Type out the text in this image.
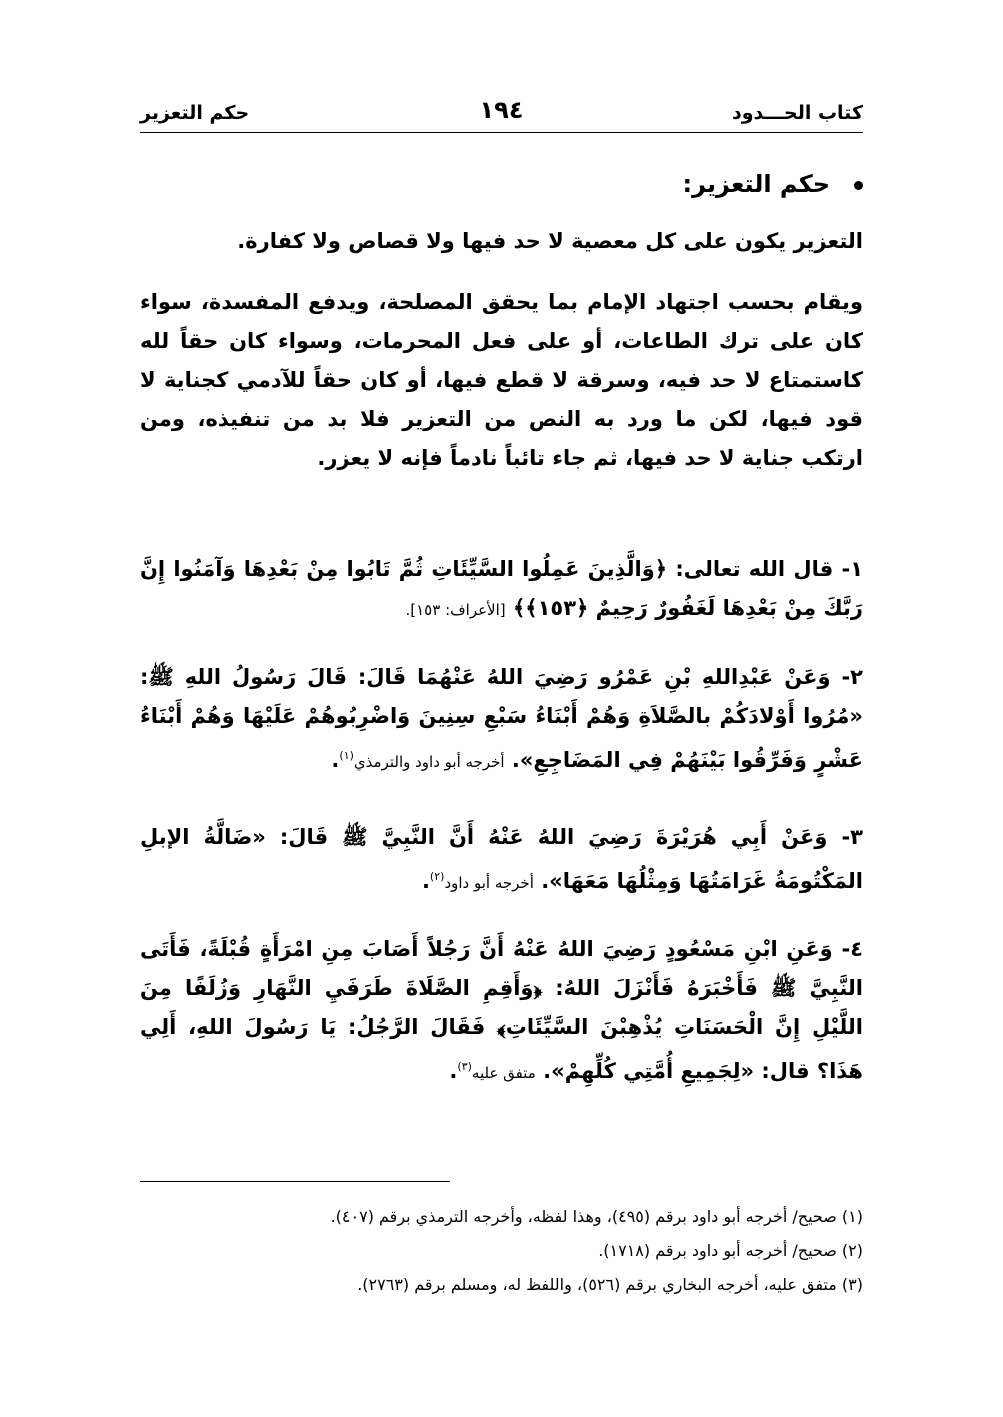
كتاب الحـــدود
١٩٤
حكم التعزير
حكم التعزير:

التعزير يكون على كل معصية لا حد فيها ولا قصاص ولا كفارة.

ويقام بحسب اجتهاد الإمام بما يحقق المصلحة، ويدفع المفسدة، سواء كان على ترك الطاعات، أو على فعل المحرمات، وسواء كان حقاً لله كاستمتاع لا حد فيه، وسرقة لا قطع فيها، أو كان حقاً للآدمي كجناية لا قود فيها، لكن ما ورد به النص من التعزير فلا بد من تنفيذه، ومن ارتكب جناية لا حد فيها، ثم جاء تائباً نادماً فإنه لا يعزر.

١- قال الله تعالى: ﴿وَالَّذِينَ عَمِلُوا السَّيِّئَاتِ ثُمَّ تَابُوا مِنْ بَعْدِهَا وَآمَنُوا إِنَّ رَبَّكَ مِنْ بَعْدِهَا لَغَفُورٌ رَحِيمٌ ﴿١٥٣﴾﴾ [الأعراف: ١٥٣].

٢- وَعَنْ عَبْدِاللهِ بْنِ عَمْرُو رَضِيَ اللهُ عَنْهُمَا قَالَ: قَالَ رَسُولُ اللهِ ﷺ: «مُرُوا أَوْلادَكُمْ بالصَّلاَةِ وَهُمْ أَبْنَاءُ سَبْعِ سِنِينَ وَاضْرِبُوهُمْ عَلَيْهَا وَهُمْ أَبْنَاءُ عَشْرٍ وَفَرِّقُوا بَيْنَهُمْ فِي المَضَاجِعِ». أخرجه أبو داود والترمذي$^{(١)}$.

٣- وَعَنْ أَبِي هُرَيْرَةَ رَضِيَ اللهُ عَنْهُ أَنَّ النَّبِيَّ ﷺ قَالَ: «ضَالَّةُ الإبلِ المَكْتُومَةُ غَرَامَتُهَا وَمِثْلُهَا مَعَهَا». أخرجه أبو داود$^{(٢)}$.

٤- وَعَنِ ابْنِ مَسْعُودٍ رَضِيَ اللهُ عَنْهُ أَنَّ رَجُلاً أَصَابَ مِنِ امْرَأَةٍ قُبْلَةً، فَأَتَى النَّبِيَّ ﷺ فَأَخْبَرَهُ فَأَنْزَلَ اللهُ: ﴿وَأَقِمِ الصَّلَاةَ طَرَفَيِ النَّهَارِ وَزُلَفًا مِنَ اللَّيْلِ إِنَّ الْحَسَنَاتِ يُذْهِبْنَ السَّيِّئَاتِ﴾ فَقَالَ الرَّجُلُ: يَا رَسُولَ اللهِ، أَلِي هَذَا؟ قال: «لِجَمِيعِ أُمَّتِي كُلِّهِمْ». متفق عليه$^{(٣)}$.

(١) صحيح/ أخرجه أبو داود برقم (٤٩٥)، وهذا لفظه، وأخرجه الترمذي برقم (٤٠٧).

(٢) صحيح/ أخرجه أبو داود برقم (١٧١٨).

(٣) متفق عليه، أخرجه البخاري برقم (٥٢٦)، واللفظ له، ومسلم برقم (٢٧٦٣).
